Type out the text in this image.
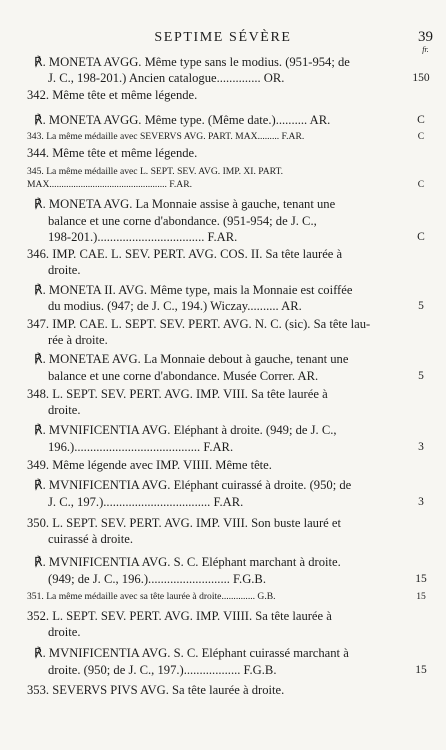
SEPTIME SÉVÈRE	39
fr.
℟. MONETA AVGG. Même type sans le modius. (951-954; de
J. C., 198-201.) Ancien catalogue.............. OR.	150
342. Même tête et même légende.
℟. MONETA AVGG. Même type. (Même date.).......... AR.	C
343. La même médaille avec SEVERVS AVG. PART. MAX......... F.AR.	C
344. Même tête et même légende.
345. La même médaille avec L. SEPT. SEV. AVG. IMP. XI. PART.
MAX................................................. F.AR.	C
℟. MONETA AVG. La Monnaie assise à gauche, tenant une
balance et une corne d'abondance. (951-954; de J. C.,
198-201.).................................. F.AR.	C
346. IMP. CAE. L. SEV. PERT. AVG. COS. II. Sa tête laurée à
droite.
℟. MONETA II. AVG. Même type, mais la Monnaie est coiffée
du modius. (947; de J. C., 194.) Wiczay.......... AR.	5
347. IMP. CAE. L. SEPT. SEV. PERT. AVG. N. C. (sic). Sa tête lau-
rée à droite.
℟. MONETAE AVG. La Monnaie debout à gauche, tenant une
balance et une corne d'abondance. Musée Correr. AR.	5
348. L. SEPT. SEV. PERT. AVG. IMP. VIII. Sa tête laurée à
droite.
℟. MVNIFICENTIA AVG. Eléphant à droite. (949; de J. C.,
196.)........................................ F.AR.	3
349. Même légende avec IMP. VIIII. Même tête.
℟. MVNIFICENTIA AVG. Eléphant cuirassé à droite. (950; de
J. C., 197.).................................. F.AR.	3
350. L. SEPT. SEV. PERT. AVG. IMP. VIII. Son buste lauré et
cuirassé à droite.
℟. MVNIFICENTIA AVG. S. C. Eléphant marchant à droite.
(949; de J. C., 196.).......................... F.G.B.	15
351. La même médaille avec sa tête laurée à droite.............. G.B.	15
352. L. SEPT. SEV. PERT. AVG. IMP. VIIII. Sa tête laurée à
droite.
℟. MVNIFICENTIA AVG. S. C. Eléphant cuirassé marchant à
droite. (950; de J. C., 197.).................. F.G.B.	15
353. SEVERVS PIVS AVG. Sa tête laurée à droite.
